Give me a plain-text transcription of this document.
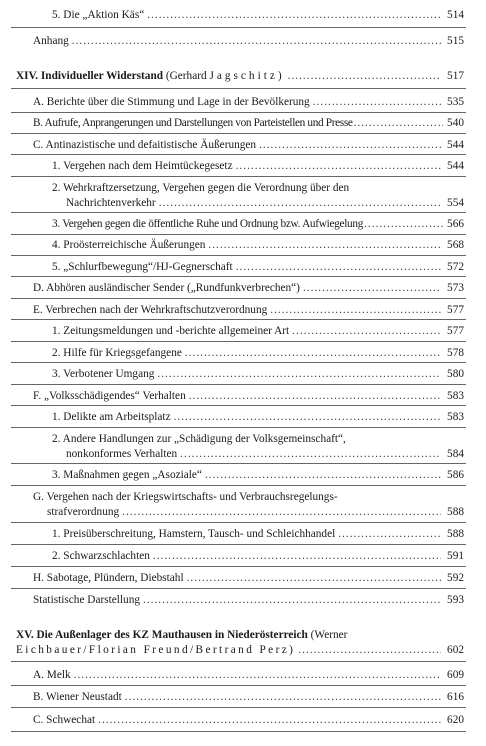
5. Die „Aktion Käs“ .....	514
Anhang .....	515
XIV. Individueller Widerstand (Gerhard Jagschitz) .....	517
A. Berichte über die Stimmung und Lage in der Bevölkerung .....	535
B. Aufrufe, Anprangerungen und Darstellungen von Parteistellen und Presse .....	540
C. Antinazistische und defaitistische Äußerungen .....	544
1. Vergehen nach dem Heimtückegesetz .....	544
2. Wehrkraftzersetzung, Vergehen gegen die Verordnung über den
Nachrichtenverkehr .....	554
3. Vergehen gegen die öffentliche Ruhe und Ordnung bzw. Aufwiegelung .....	566
4. Proösterreichische Äußerungen .....	568
5. „Schlurfbewegung“/HJ-Gegnerschaft .....	572
D. Abhören ausländischer Sender („Rundfunkverbrechen“) .....	573
E. Verbrechen nach der Wehrkraftschutzverordnung .....	577
1. Zeitungsmeldungen und -berichte allgemeiner Art .....	577
2. Hilfe für Kriegsgefangene .....	578
3. Verbotener Umgang .....	580
F. „Volksschädigendes“ Verhalten .....	583
1. Delikte am Arbeitsplatz .....	583
2. Andere Handlungen zur „Schädigung der Volksgemeinschaft“,
nonkonformes Verhalten .....	584
3. Maßnahmen gegen „Asoziale“ .....	586
G. Vergehen nach der Kriegswirtschafts- und Verbrauchsregelungs-
strafverordnung .....	588
1. Preisüberschreitung, Hamstern, Tausch- und Schleichhandel .....	588
2. Schwarzschlachten .....	591
H. Sabotage, Plündern, Diebstahl .....	592
Statistische Darstellung .....	593
XV. Die Außenlager des KZ Mauthausen in Niederösterreich (Werner
Eichbauer/Florian Freund/Bertrand Perz) .....	602
A. Melk .....	609
B. Wiener Neustadt .....	616
C. Schwechat .....	620
